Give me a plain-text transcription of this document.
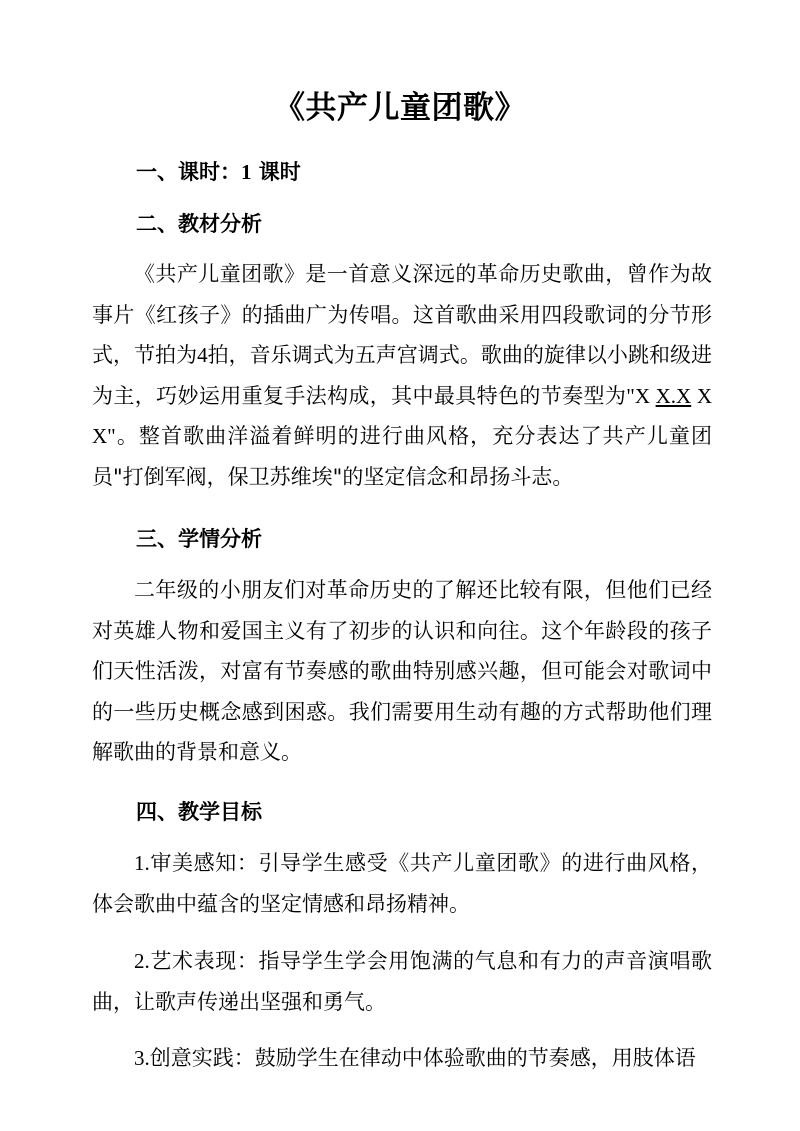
《共产儿童团歌》
一、课时：1 课时
二、教材分析

《共产儿童团歌》是一首意义深远的革命历史歌曲，曾作为故事片《红孩子》的插曲广为传唱。这首歌曲采用四段歌词的分节形式，节拍为4拍，音乐调式为五声宫调式。歌曲的旋律以小跳和级进为主，巧妙运用重复手法构成，其中最具特色的节奏型为"X X.X X X"。整首歌曲洋溢着鲜明的进行曲风格，充分表达了共产儿童团员"打倒军阀，保卫苏维埃"的坚定信念和昂扬斗志。

三、学情分析

二年级的小朋友们对革命历史的了解还比较有限，但他们已经对英雄人物和爱国主义有了初步的认识和向往。这个年龄段的孩子们天性活泼，对富有节奏感的歌曲特别感兴趣，但可能会对歌词中的一些历史概念感到困惑。我们需要用生动有趣的方式帮助他们理解歌曲的背景和意义。

四、教学目标

1.审美感知：引导学生感受《共产儿童团歌》的进行曲风格，体会歌曲中蕴含的坚定情感和昂扬精神。

2.艺术表现：指导学生学会用饱满的气息和有力的声音演唱歌曲，让歌声传递出坚强和勇气。

3.创意实践：鼓励学生在律动中体验歌曲的节奏感，用肢体语
